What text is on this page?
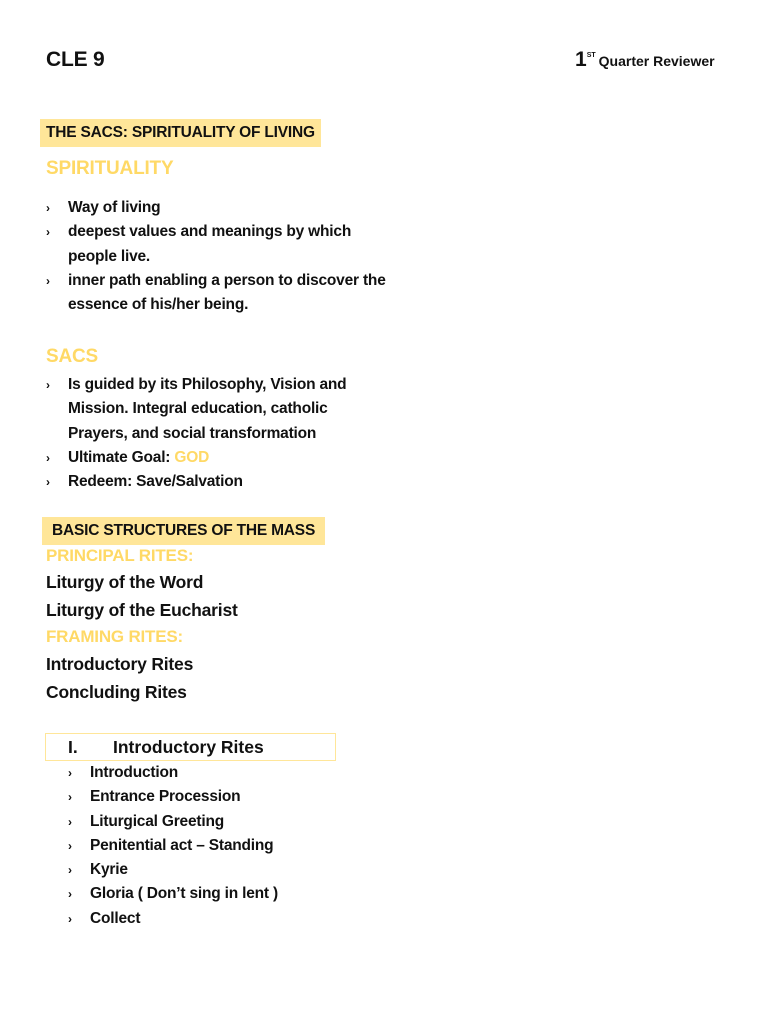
CLE 9	1ST Quarter Reviewer
THE SACS: SPIRITUALITY OF LIVING
SPIRITUALITY
› Way of living
› deepest values and meanings by which people live.
› inner path enabling a person to discover the essence of his/her being.
SACS
› Is guided by its Philosophy, Vision and Mission. Integral education, catholic Prayers, and social transformation
› Ultimate Goal: GOD
› Redeem: Save/Salvation
BASIC STRUCTURES OF THE MASS
PRINCIPAL RITES:
Liturgy of the Word
Liturgy of the Eucharist
FRAMING RITES:
Introductory Rites
Concluding Rites
I. Introductory Rites
› Introduction
› Entrance Procession
› Liturgical Greeting
› Penitential act – Standing
› Kyrie
› Gloria ( Don’t sing in lent )
› Collect
